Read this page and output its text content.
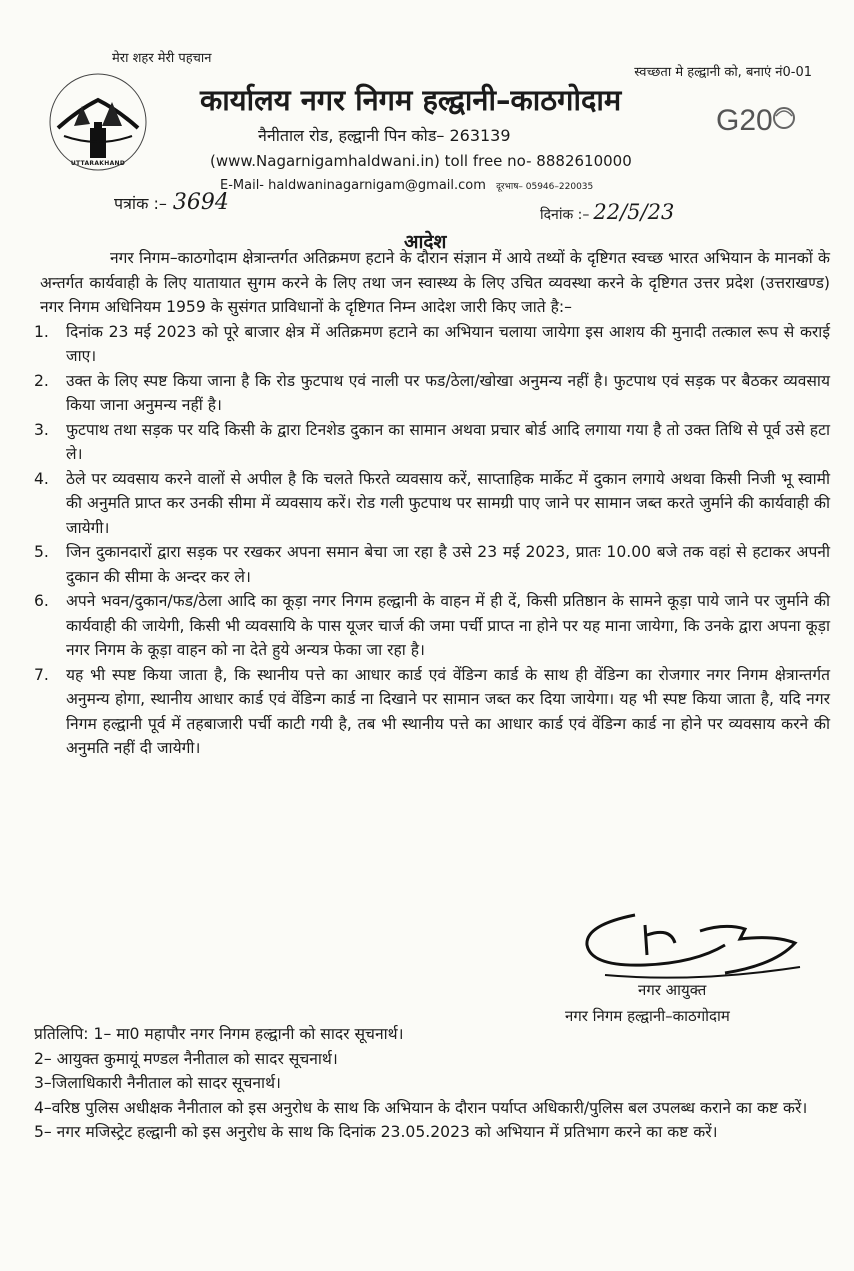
मेरा शहर मेरी पहचान
स्वच्छता मे हल्द्वानी को, बनाएं नं0-01
UTTARAKHAND
कार्यालय नगर निगम हल्द्वानी–काठगोदाम
नैनीताल रोड, हल्द्वानी पिन कोड– 263139
(www.Nagarnigamhaldwani.in) toll free no- 8882610000
E-Mail- haldwaninagarnigam@gmail.com दूरभाष– 05946–220035
G20
पत्रांक :– 3694	दिनांक :– 22/5/23
आदेश

नगर निगम–काठगोदाम क्षेत्रान्तर्गत अतिक्रमण हटाने के दौरान संज्ञान में आये तथ्यों के दृष्टिगत स्वच्छ भारत अभियान के मानकों के अन्तर्गत कार्यवाही के लिए यातायात सुगम करने के लिए तथा जन स्वास्थ्य के लिए उचित व्यवस्था करने के दृष्टिगत उत्तर प्रदेश (उत्तराखण्ड) नगर निगम अधिनियम 1959 के सुसंगत प्राविधानों के दृष्टिगत निम्न आदेश जारी किए जाते है:–

1. दिनांक 23 मई 2023 को पूरे बाजार क्षेत्र में अतिक्रमण हटाने का अभियान चलाया जायेगा इस आशय की मुनादी तत्काल रूप से कराई जाए।
2. उक्त के लिए स्पष्ट किया जाना है कि रोड फुटपाथ एवं नाली पर फड/ठेला/खोखा अनुमन्य नहीं है। फुटपाथ एवं सड़क पर बैठकर व्यवसाय किया जाना अनुमन्य नहीं है।
3. फुटपाथ तथा सड़क पर यदि किसी के द्वारा टिनशेड दुकान का सामान अथवा प्रचार बोर्ड आदि लगाया गया है तो उक्त तिथि से पूर्व उसे हटा ले।
4. ठेले पर व्यवसाय करने वालों से अपील है कि चलते फिरते व्यवसाय करें, साप्ताहिक मार्केट में दुकान लगाये अथवा किसी निजी भू स्वामी की अनुमति प्राप्त कर उनकी सीमा में व्यवसाय करें। रोड गली फुटपाथ पर सामग्री पाए जाने पर सामान जब्त करते जुर्माने की कार्यवाही की जायेगी।
5. जिन दुकानदारों द्वारा सड़क पर रखकर अपना समान बेचा जा रहा है उसे 23 मई 2023, प्रातः 10.00 बजे तक वहां से हटाकर अपनी दुकान की सीमा के अन्दर कर ले।
6. अपने भवन/दुकान/फड/ठेला आदि का कूड़ा नगर निगम हल्द्वानी के वाहन में ही दें, किसी प्रतिष्ठान के सामने कूड़ा पाये जाने पर जुर्माने की कार्यवाही की जायेगी, किसी भी व्यवसायि के पास यूजर चार्ज की जमा पर्ची प्राप्त ना होने पर यह माना जायेगा, कि उनके द्वारा अपना कूड़ा नगर निगम के कूड़ा वाहन को ना देते हुये अन्यत्र फेका जा रहा है।
7. यह भी स्पष्ट किया जाता है, कि स्थानीय पत्ते का आधार कार्ड एवं वेंडिन्ग कार्ड के साथ ही वेंडिन्ग का रोजगार नगर निगम क्षेत्रान्तर्गत अनुमन्य होगा, स्थानीय आधार कार्ड एवं वेंडिन्ग कार्ड ना दिखाने पर सामान जब्त कर दिया जायेगा। यह भी स्पष्ट किया जाता है, यदि नगर निगम हल्द्वानी पूर्व में तहबाजारी पर्ची काटी गयी है, तब भी स्थानीय पत्ते का आधार कार्ड एवं वेंडिन्ग कार्ड ना होने पर व्यवसाय करने की अनुमति नहीं दी जायेगी।
नगर आयुक्त
नगर निगम हल्द्वानी–काठगोदाम

प्रतिलिपि: 1– मा0 महापौर नगर निगम हल्द्वानी को सादर सूचनार्थ।

2– आयुक्त कुमायूं मण्डल नैनीताल को सादर सूचनार्थ।

3–जिलाधिकारी नैनीताल को सादर सूचनार्थ।

4–वरिष्ठ पुलिस अधीक्षक नैनीताल को इस अनुरोध के साथ कि अभियान के दौरान पर्याप्त अधिकारी/पुलिस बल उपलब्ध कराने का कष्ट करें।

5– नगर मजिस्ट्रेट हल्द्वानी को इस अनुरोध के साथ कि दिनांक 23.05.2023 को अभियान में प्रतिभाग करने का कष्ट करें।
